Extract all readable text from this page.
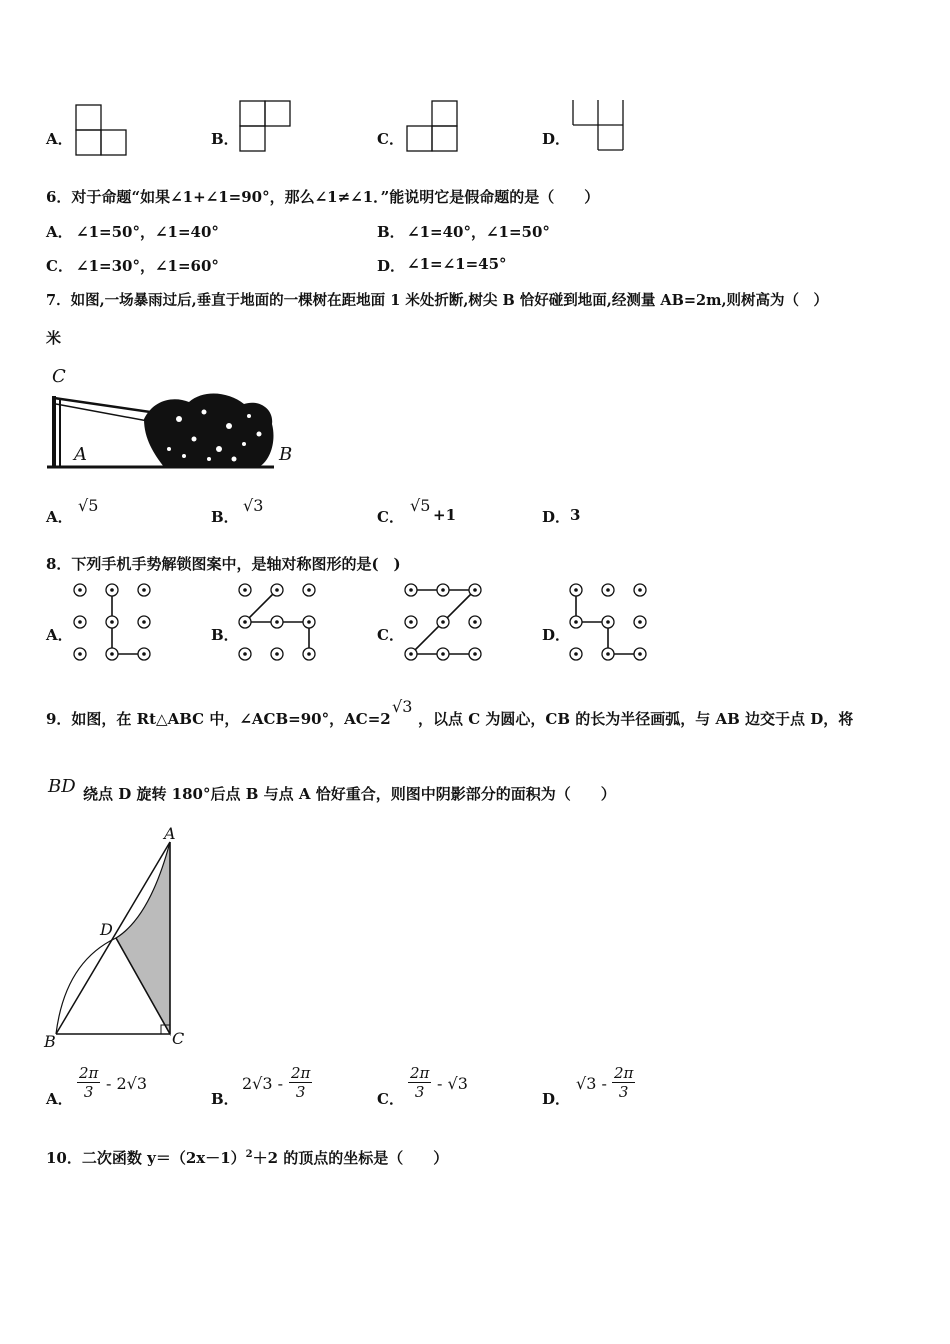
A．	B．	C．	D．
6．对于命题“如果∠1+∠1=90°，那么∠1≠∠1．”能说明它是假命题的是（　　）
A． ∠1=50°，∠1=40°	B． ∠1=40°，∠1=50°
C． ∠1=30°，∠1=60°	D． ∠1=∠1=45°
7．如图,一场暴雨过后,垂直于地面的一棵树在距地面 1 米处折断,树尖 B 恰好碰到地面,经测量 AB=2m,则树高为（　）
米
C
A	B
A．
√5
B．
√3
C．
√5 +1	D． 3
8．下列手机手势解锁图案中，是轴对称图形的是(　)
A．	B．	C．	D．
9．如图，在 Rt△ABC 中，∠ACB=90°，AC=2
√3
，以点 C 为圆心，CB 的长为半径画弧，与 AB 边交于点 D，将
BD 绕点 D 旋转 180°后点 B 与点 A 恰好重合，则图中阴影部分的面积为（　　）
A
D
B	C
A． $\frac{2\pi}{3} - 2√3$
B．
$2√3 - \frac{2\pi}{3}$	C． $\frac{2\pi}{3} - √3$
D．
$√3 - \frac{2\pi}{3}$
10．二次函数 $y=(2x-1)^2+2$ 的顶点的坐标是（　　）
